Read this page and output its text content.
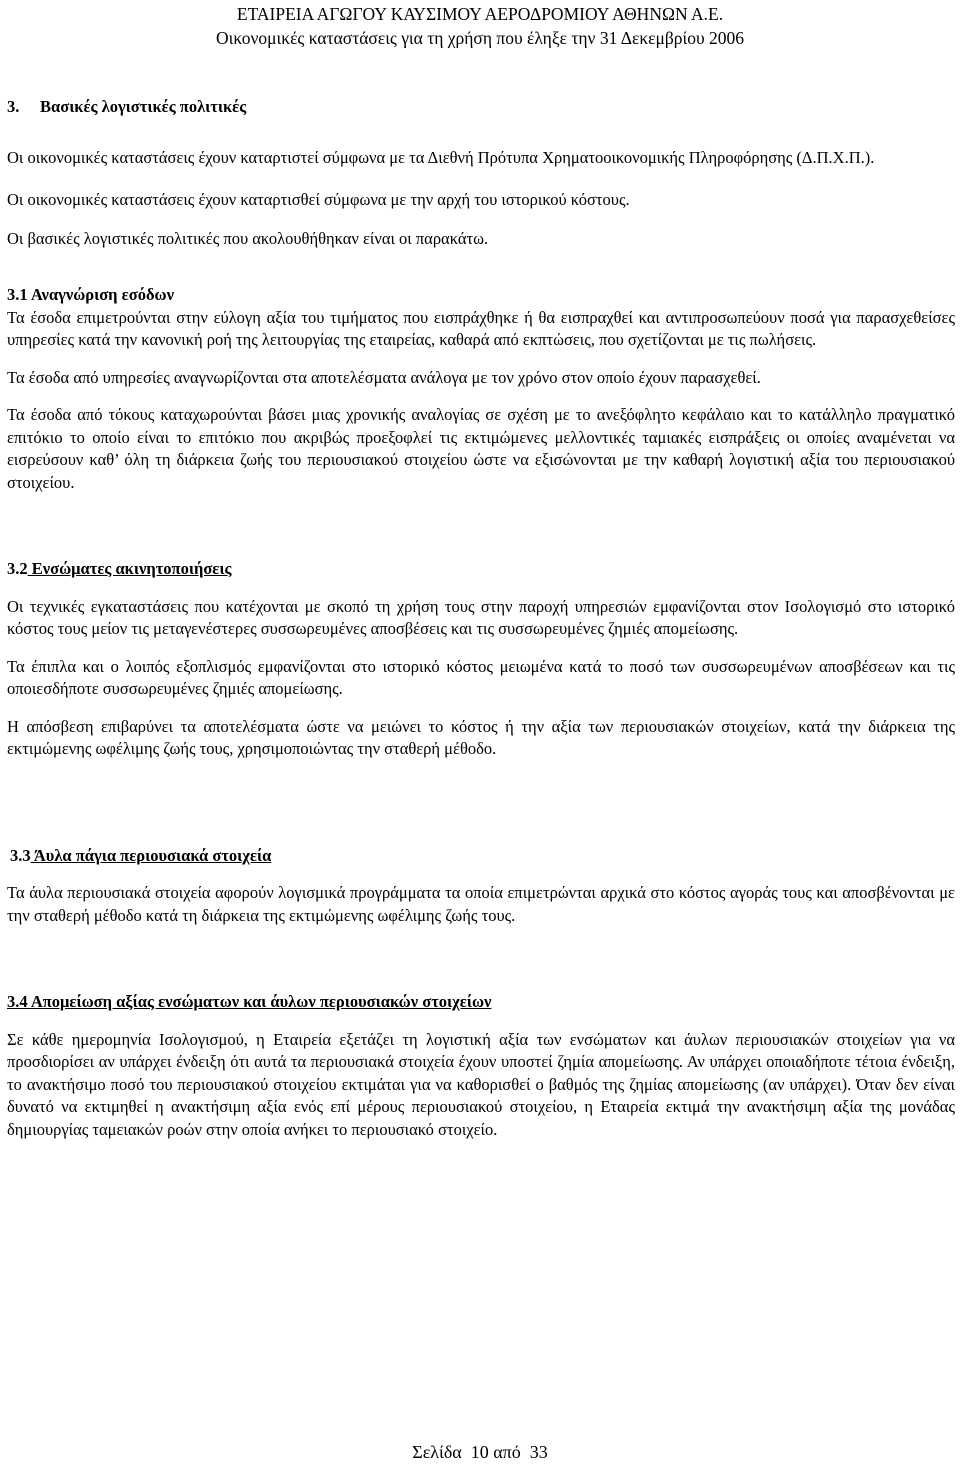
ΕΤΑΙΡΕΙΑ ΑΓΩΓΟΥ ΚΑΥΣΙΜΟΥ ΑΕΡΟΔΡΟΜΙΟΥ ΑΘΗΝΩΝ Α.Ε.
Οικονομικές καταστάσεις για τη χρήση που έληξε την 31 Δεκεμβρίου 2006
3.     Βασικές λογιστικές πολιτικές

Οι οικονομικές καταστάσεις έχουν καταρτιστεί σύμφωνα με τα Διεθνή Πρότυπα Χρηματοοικονομικής Πληροφόρησης (Δ.Π.Χ.Π.).

Οι οικονομικές καταστάσεις έχουν καταρτισθεί σύμφωνα με την αρχή του ιστορικού κόστους.

Οι βασικές λογιστικές πολιτικές που ακολουθήθηκαν είναι οι παρακάτω.

3.1 Αναγνώριση εσόδων

Τα έσοδα επιμετρούνται στην εύλογη αξία του τιμήματος που εισπράχθηκε ή θα εισπραχθεί και αντιπροσωπεύουν ποσά για παρασχεθείσες υπηρεσίες κατά την κανονική ροή της λειτουργίας της εταιρείας, καθαρά από εκπτώσεις, που σχετίζονται με τις πωλήσεις.

Τα έσοδα από υπηρεσίες αναγνωρίζονται στα αποτελέσματα ανάλογα με τον χρόνο στον οποίο έχουν παρασχεθεί.

Τα έσοδα από τόκους καταχωρούνται βάσει μιας χρονικής αναλογίας σε σχέση με το ανεξόφλητο κεφάλαιο και το κατάλληλο πραγματικό επιτόκιο το οποίο είναι το επιτόκιο που ακριβώς προεξοφλεί τις εκτιμώμενες μελλοντικές ταμιακές εισπράξεις οι οποίες αναμένεται να εισρεύσουν καθ’ όλη τη διάρκεια ζωής του περιουσιακού στοιχείου ώστε να εξισώνονται με την καθαρή λογιστική αξία του περιουσιακού στοιχείου.

3.2 Ενσώματες ακινητοποιήσεις

Οι τεχνικές εγκαταστάσεις που κατέχονται με σκοπό τη χρήση τους στην παροχή υπηρεσιών εμφανίζονται στον Ισολογισμό στο ιστορικό κόστος τους μείον τις μεταγενέστερες συσσωρευμένες αποσβέσεις και τις συσσωρευμένες ζημιές απομείωσης.

Τα έπιπλα και ο λοιπός εξοπλισμός εμφανίζονται στο ιστορικό κόστος μειωμένα κατά το ποσό των συσσωρευμένων αποσβέσεων και τις οποιεσδήποτε συσσωρευμένες ζημιές απομείωσης.

Η απόσβεση επιβαρύνει τα αποτελέσματα ώστε να μειώνει το κόστος ή την αξία των περιουσιακών στοιχείων, κατά την διάρκεια της εκτιμώμενης ωφέλιμης ζωής τους, χρησιμοποιώντας την σταθερή μέθοδο.

3.3 Άυλα πάγια περιουσιακά στοιχεία

Τα άυλα περιουσιακά στοιχεία αφορούν λογισμικά προγράμματα τα οποία επιμετρώνται αρχικά στο κόστος αγοράς τους και αποσβένονται με την σταθερή μέθοδο κατά τη διάρκεια της εκτιμώμενης ωφέλιμης ζωής τους.

3.4 Απομείωση αξίας ενσώματων και άυλων περιουσιακών στοιχείων

Σε κάθε ημερομηνία Ισολογισμού, η Εταιρεία εξετάζει τη λογιστική αξία των ενσώματων και άυλων περιουσιακών στοιχείων για να προσδιορίσει αν υπάρχει ένδειξη ότι αυτά τα περιουσιακά στοιχεία έχουν υποστεί ζημία απομείωσης. Αν υπάρχει οποιαδήποτε τέτοια ένδειξη, το ανακτήσιμο ποσό του περιουσιακού στοιχείου εκτιμάται για να καθορισθεί ο βαθμός της ζημίας απομείωσης (αν υπάρχει). Όταν δεν είναι δυνατό να εκτιμηθεί η ανακτήσιμη αξία ενός επί μέρους περιουσιακού στοιχείου, η Εταιρεία εκτιμά την ανακτήσιμη αξία της μονάδας δημιουργίας ταμειακών ροών στην οποία ανήκει το περιουσιακό στοιχείο.

Σελίδα  10 από  33
